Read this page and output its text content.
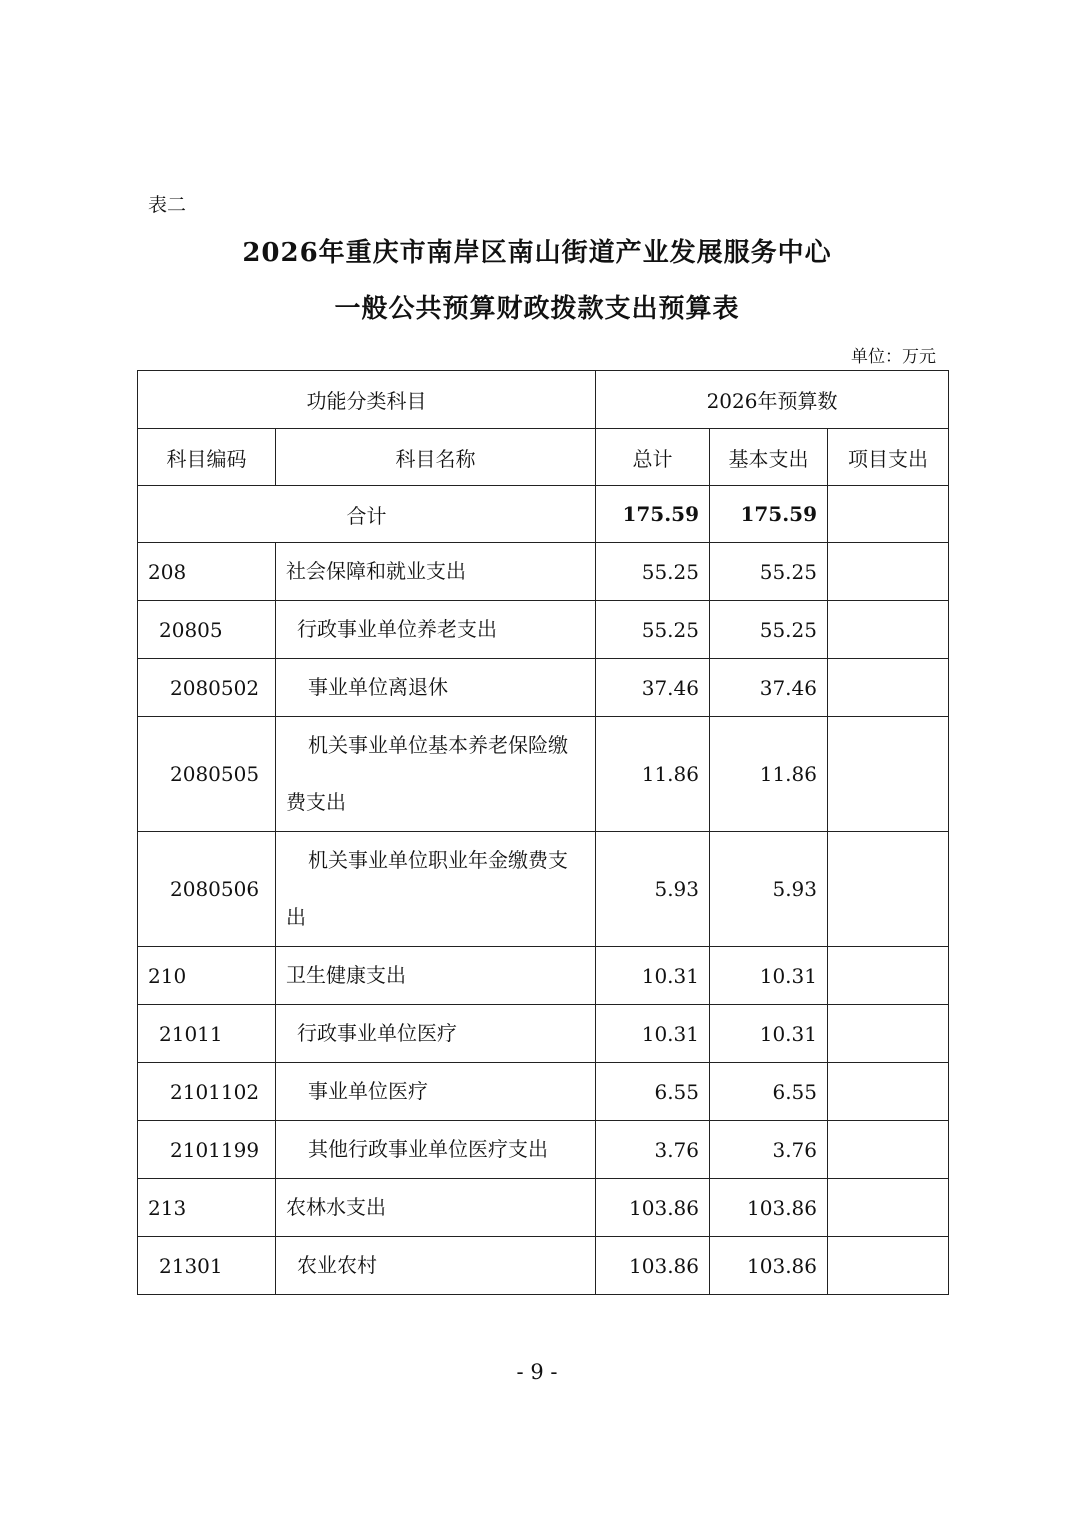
表二
2026年重庆市南岸区南山街道产业发展服务中心
一般公共预算财政拨款支出预算表
单位：万元
功能分类科目		2026年预算数		
科目编码	科目名称	总计	基本支出	项目支出
合计		175.59	175.59	
208	社会保障和就业支出	55.25	55.25	
20805	行政事业单位养老支出	55.25	55.25	
2080502	事业单位离退休	37.46	37.46	
2080505	机关事业单位基本养老保险缴费支出	11.86	11.86	
2080506	机关事业单位职业年金缴费支出	5.93	5.93	
210	卫生健康支出	10.31	10.31	
21011	行政事业单位医疗	10.31	10.31	
2101102	事业单位医疗	6.55	6.55	
2101199	其他行政事业单位医疗支出	3.76	3.76	
213	农林水支出	103.86	103.86	
21301	农业农村	103.86	103.86	
- 9 -
